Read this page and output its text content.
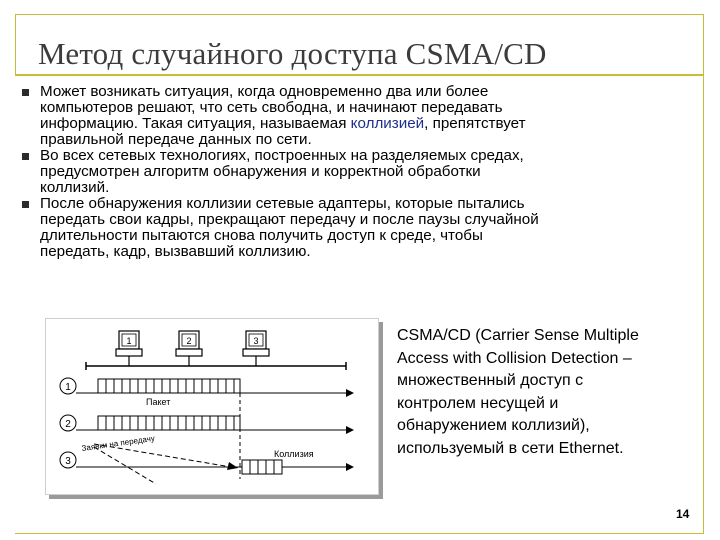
Метод случайного доступа CSMA/CD
Может возникать ситуация, когда одновременно два или более
компьютеров решают, что сеть свободна, и начинают передавать
информацию. Такая ситуация, называемая коллизией, препятствует
правильной передаче данных по сети.
Во всех сетевых технологиях, построенных на разделяемых средах,
предусмотрен алгоритм обнаружения и корректной обработки
коллизий.
После обнаружения коллизии сетевые адаптеры, которые пытались
передать свои кадры, прекращают передачу и после паузы случайной
длительности пытаются снова получить доступ к среде, чтобы
передать, кадр, вызвавший коллизию.
1	2	3
1
2
3
Пакет
Заявки на передачу
Коллизия
CSMA/CD (Carrier Sense Multiple
Access with Collision Detection –
множественный доступ с
контролем несущей и
обнаружением коллизий),
используемый в сети Ethernet.
14
